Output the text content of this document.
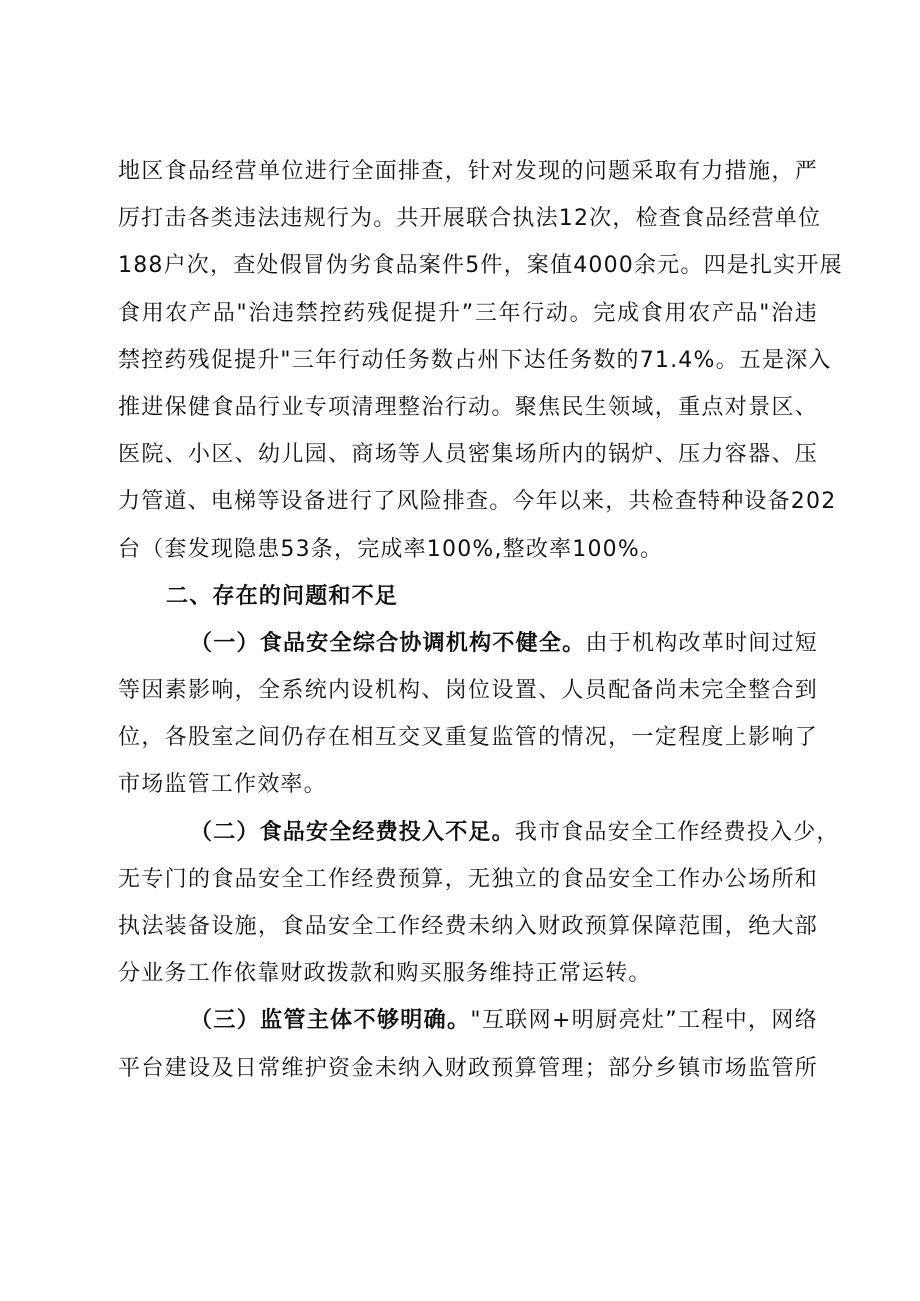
地区食品经营单位进行全面排查，针对发现的问题采取有力措施，严
厉打击各类违法违规行为。共开展联合执法12次，检查食品经营单位
188户次，查处假冒伪劣食品案件5件，案值4000余元。四是扎实开展
食用农产品"治违禁控药残促提升”三年行动。完成食用农产品"治违
禁控药残促提升"三年行动任务数占州下达任务数的71.4%。五是深入
推进保健食品行业专项清理整治行动。聚焦民生领域，重点对景区、
医院、小区、幼儿园、商场等人员密集场所内的锅炉、压力容器、压
力管道、电梯等设备进行了风险排查。今年以来，共检查特种设备202
台（套发现隐患53条，完成率100%,整改率100%。
二、存在的问题和不足
（一）食品安全综合协调机构不健全。由于机构改革时间过短
等因素影响，全系统内设机构、岗位设置、人员配备尚未完全整合到
位，各股室之间仍存在相互交叉重复监管的情况，一定程度上影响了
市场监管工作效率。
（二）食品安全经费投入不足。我市食品安全工作经费投入少，
无专门的食品安全工作经费预算，无独立的食品安全工作办公场所和
执法装备设施，食品安全工作经费未纳入财政预算保障范围，绝大部
分业务工作依靠财政拨款和购买服务维持正常运转。
（三）监管主体不够明确。"互联网+明厨亮灶”工程中，网络
平台建设及日常维护资金未纳入财政预算管理；部分乡镇市场监管所
